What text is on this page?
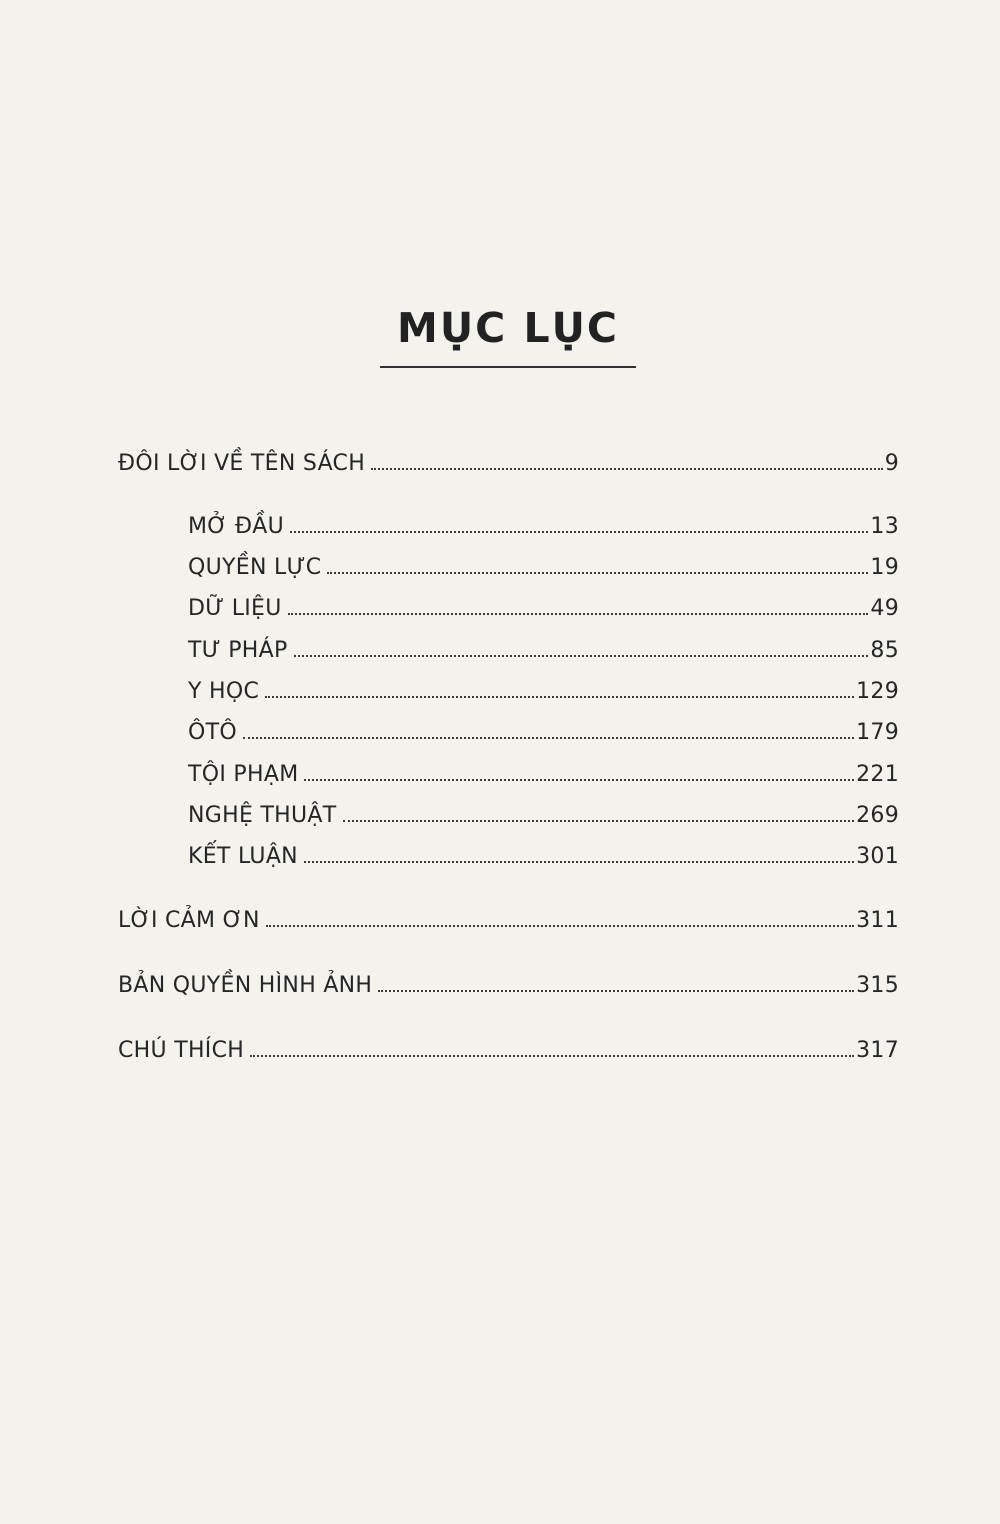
MỤC LỤC
ĐÔI LỜI VỀ TÊN SÁCH	9
MỞ ĐẦU	13
QUYỀN LỰC	19
DỮ LIỆU	49
TƯ PHÁP	85
Y HỌC	129
ÔTÔ	179
TỘI PHẠM	221
NGHỆ THUẬT	269
KẾT LUẬN	301
LỜI CẢM ƠN	311
BẢN QUYỀN HÌNH ẢNH	315
CHÚ THÍCH	317
